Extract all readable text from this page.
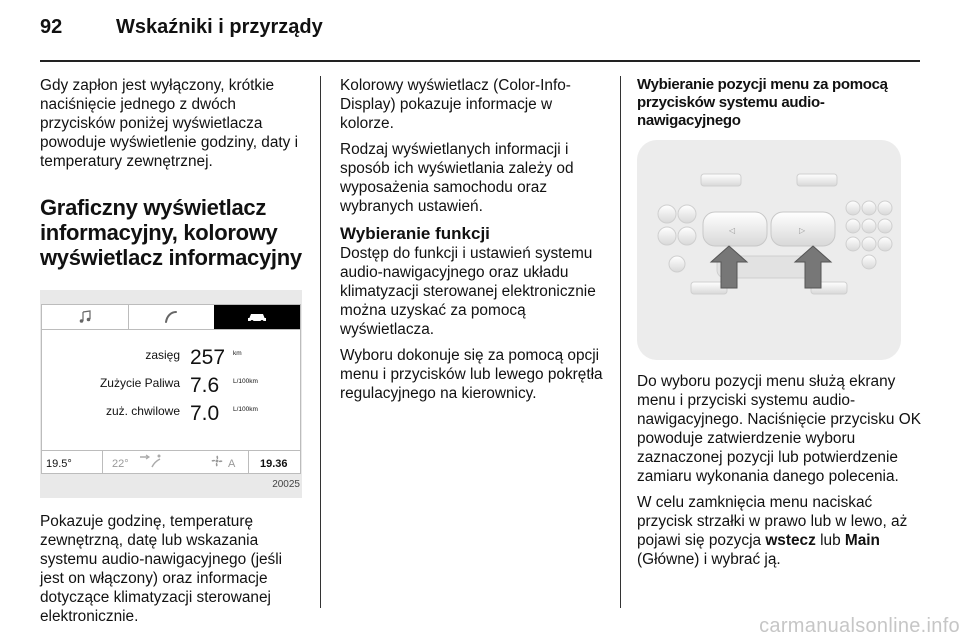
92	Wskaźniki i przyrządy

Gdy zapłon jest wyłączony, krótkie naciśnięcie jednego z dwóch przycisków poniżej wyświetlacza powoduje wyświetlenie godziny, daty i temperatury zewnętrznej.

Graficzny wyświetlacz informacyjny, kolorowy wyświetlacz informacyjny
zasięg 257 km
Zużycie Paliwa 7.6 L/100km
zuż. chwilowe 7.0 L/100km
19.5°	22°	A 19.36
20025

Pokazuje godzinę, temperaturę zewnętrzną, datę lub wskazania systemu audio-nawigacyjnego (jeśli jest on włączony) oraz informacje dotyczące klimatyzacji sterowanej elektronicznie.

Kolorowy wyświetlacz (Color-Info-Display) pokazuje informacje w kolorze.

Rodzaj wyświetlanych informacji i sposób ich wyświetlania zależy od wyposażenia samochodu oraz wybranych ustawień.

Wybieranie funkcji

Dostęp do funkcji i ustawień systemu audio-nawigacyjnego oraz układu klimatyzacji sterowanej elektronicznie można uzyskać za pomocą wyświetlacza.

Wyboru dokonuje się za pomocą opcji menu i przycisków lub lewego pokrętła regulacyjnego na kierownicy.

Wybieranie pozycji menu za pomocą przycisków systemu audio-nawigacyjnego

◁	▷

Do wyboru pozycji menu służą ekrany menu i przyciski systemu audio-nawigacyjnego. Naciśnięcie przycisku OK powoduje zatwierdzenie wyboru zaznaczonej pozycji lub potwierdzenie zamiaru wykonania danego polecenia.

W celu zamknięcia menu naciskać przycisk strzałki w prawo lub w lewo, aż pojawi się pozycja wstecz lub Main (Główne) i wybrać ją.

carmanualsonline.info
